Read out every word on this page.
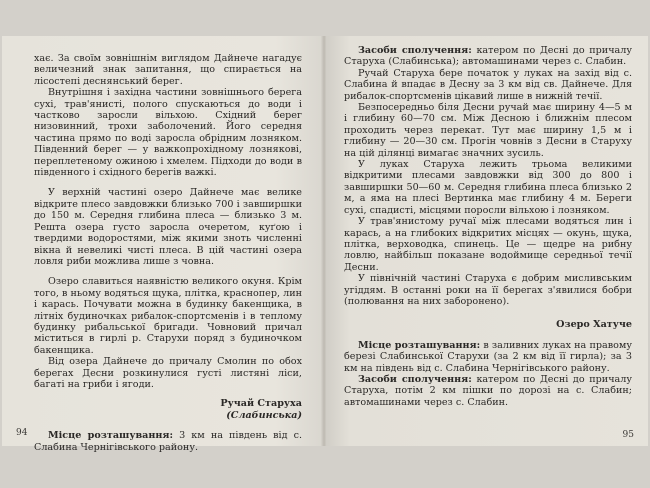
хає. За своїм зовнішнім виглядом Дайнече нагадує величезний знак запитання, що спирається на лісостепі деснянський берег.

Внутрішня і західна частини зовнішнього берега сухі, трав'янисті, полого спускаються до води і частково заросли вільхою. Східний берег низовинний, трохи заболочений. Його середня частина прямо по воді заросла обрідним лозняком. Південний берег — у важкопрохідному лозняковi, переплетеному ожиною і хмелем. Підходи до води в південного і східного берегів важкі.

У верхній частині озеро Дайнече має велике відкрите плесо завдовжки близько 700 і завширшки до 150 м. Середня глибина плеса — близько 3 м. Решта озера густо заросла очеретом, куґою і твердими водоростями, між якими зноть численні вікна й невеликі чисті плеса. В цій частині озера ловля риби можлива лише з човна.

Озеро славиться наявністю великого окуня. Крім того, в ньому водяться щука, плітка, краснопер, лин і карась. Почувати можна в будинку бакенщика, в літніх будиночках рибалок-спортсменів і в теплому будинку рибальської бригади. Човновий причал міститься в гирлі р. Старухи поряд з будиночком бакенщика.

Від озера Дайнече до причалу Смолин по обох берегах Десни розкинулися густі листяні ліси, багаті на гриби і ягоди.

Ручай Старуха
(Слабинська)

Місце розташування: 3 км на південь від с. Слабина Чернігівського району.

94

Засоби сполучення: катером по Десні до причалу Старуха (Слабинська); автомашинами через с. Слабин.

Ручай Старуха бере початок у луках на захід від с. Слабина й впадає в Десну за 3 км від св. Дайнече. Для рибалок-спортсменів цікавий лише в нижній течії.

Безпосередньо біля Десни ручай має ширину 4—5 м і глибину 60—70 см. Між Десною і ближнім плесом проходить через перекат. Тут має ширину 1,5 м і глибину — 20—30 см. Прогін човнів з Десни в Старуху на цій ділянці вимагає значних зусиль.

У луках Старуха лежить трьома великими відкритими плесами завдовжки від 300 до 800 і завширшки 50—60 м. Середня глибина плеса близько 2 м, а яма на плесі Вертинка має глибину 4 м. Береги сухі, спадисті, місцями поросли вільхою і лозняком.

У трав'янистому ручаї між плесами водяться лин і карась, а на глибоких відкритих місцях — окунь, щука, плітка, верховодка, спинець. Це — щедре на рибну ловлю, найбільш показане водоймище середньої течії Десни.

У північній частині Старуха є добрим мисливським угіддям. В останні роки на її берегах з'явилися бобри (полювання на них заборонено).

Озеро Хатуче

Місце розташування: в заливних луках на правому березі Слабинської Старухи (за 2 км від її гирла); за 3 км на південь від с. Слабина Чернігівського району.

Засоби сполучення: катером по Десні до причалу Старуха, потім 2 км пішки по дорозі на с. Слабин; автомашинами через с. Слабин.

95
